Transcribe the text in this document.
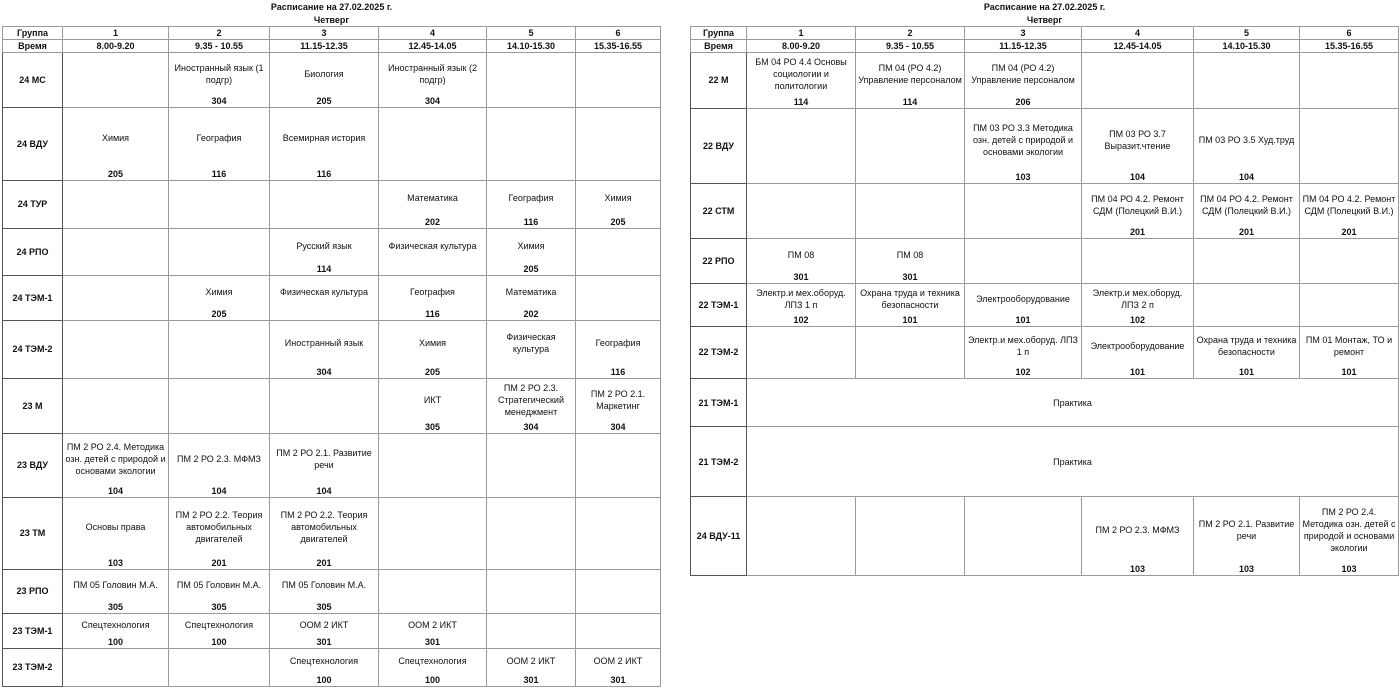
Расписание на 27.02.2025 г.						
Четверг						
Группа	1	2	3	4	5	6
Время	8.00-9.20	9.35 - 10.55	11.15-12.35	12.45-14.05	14.10-15.30	15.35-16.55
24 МС		Иностранный язык (1 подгр)	Биология	Иностранный язык (2 подгр)		
		304	205	304		
24 ВДУ	Химия	География	Всемирная история			
	205	116	116			
24 ТУР				Математика	География	Химия
				202	116	205
24 РПО			Русский язык	Физическая культура	Химия	
			114		205	
24 ТЭМ-1		Химия	Физическая культура	География	Математика	
		205		116	202	
24 ТЭМ-2			Иностранный язык	Химия	Физическая культура	География
			304	205		116
23 М				ИКТ	ПМ 2 РО 2.3. Стратегический менеджмент	ПМ 2 РО 2.1. Маркетинг
				305	304	304
23 ВДУ	ПМ 2 РО 2.4. Методика озн. детей с природой и основами экологии	ПМ 2 РО 2.3. МФМЗ	ПМ 2 РО 2.1. Развитие речи			
	104	104	104			
23 ТМ	Основы права	ПМ 2 РО 2.2. Теория автомобильных двигателей	ПМ 2 РО 2.2. Теория автомобильных двигателей			
	103	201	201			
23 РПО	ПМ 05 Головин М.А.	ПМ 05 Головин М.А.	ПМ 05 Головин М.А.			
	305	305	305			
23 ТЭМ-1	Спецтехнология	Спецтехнология	ООМ 2 ИКТ	ООМ 2 ИКТ		
	100	100	301	301		
23 ТЭМ-2			Спецтехнология	Спецтехнология	ООМ 2 ИКТ	ООМ 2 ИКТ
			100	100	301	301
Расписание на 27.02.2025 г.						
Четверг						
Группа	1	2	3	4	5	6
Время	8.00-9.20	9.35 - 10.55	11.15-12.35	12.45-14.05	14.10-15.30	15.35-16.55
22 М	БМ 04 РО 4.4 Основы социологии и политологии	ПМ 04 (РО 4.2) Управление персоналом	ПМ 04 (РО 4.2) Управление персоналом			
	114	114	206			
22 ВДУ			ПМ 03 РО 3.3 Методика озн. детей с природой и основами экологии	ПМ 03 РО 3.7 Выразит.чтение	ПМ 03 РО 3.5 Худ.труд	
			103	104	104	
22 СТМ				ПМ 04 РО 4.2. Ремонт СДМ (Полецкий В.И.)	ПМ 04 РО 4.2. Ремонт СДМ (Полецкий В.И.)	ПМ 04 РО 4.2. Ремонт СДМ (Полецкий В.И.)
				201	201	201
22 РПО	ПМ 08	ПМ 08				
	301	301				
22 ТЭМ-1	Электр.и мех.оборуд. ЛПЗ 1 п	Охрана труда и техника безопасности	Электрооборудование	Электр.и мех.оборуд. ЛПЗ 2 п		
	102	101	101	102		
22 ТЭМ-2			Электр.и мех.оборуд. ЛПЗ 1 п	Электрооборудование	Охрана труда и техника безопасности	ПМ 01 Монтаж, ТО и ремонт
			102	101	101	101
21 ТЭМ-1	Практика					
21 ТЭМ-2	Практика					
24 ВДУ-11				ПМ 2 РО 2.3. МФМЗ	ПМ 2 РО 2.1. Развитие речи	ПМ 2 РО 2.4. Методика озн. детей с природой и основами экологии
				103	103	103
